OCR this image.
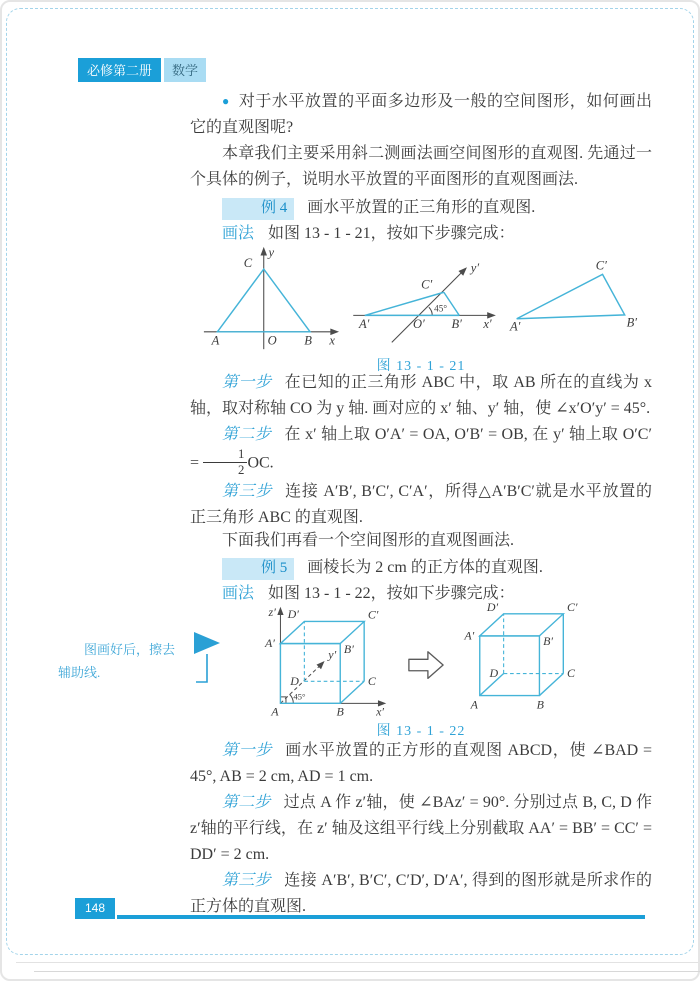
必修第二册	数学

● 对于水平放置的平面多边形及一般的空间图形，如何画出它的直观图呢?

本章我们主要采用斜二测画法画空间图形的直观图. 先通过一个具体的例子，说明水平放置的平面图形的直观图画法.

例 4 画水平放置的正三角形的直观图.

画法 如图 13 - 1 - 21，按如下步骤完成：

y
C
A	O B x
45°
A′	O′ B′ x′
y′
C′
A′	B′
C′
图 13 - 1 - 21

第一步 在已知的正三角形 ABC 中，取 AB 所在的直线为 x 轴，取对称轴 CO 为 y 轴. 画对应的 x′ 轴、y′ 轴，使 ∠x′O′y′ = 45°.

第二步 在 x′ 轴上取 O′A′ = OA, O′B′ = OB, 在 y′ 轴上取 $O'C' = \frac{1}{2}$ OC.

第三步 连接 A′B′, B′C′, C′A′，所得△A′B′C′就是水平放置的正三角形 ABC 的直观图.

下面我们再看一个空间图形的直观图画法.

例 5 画棱长为 2 cm 的正方体的直观图.

画法 如图 13 - 1 - 22，按如下步骤完成：

z′ D′	C′
A′	B′
y′
D	C
45°
A	B x′
D′	C′
A′	B′
D	C
A	B
图 13 - 1 - 22
图画好后，擦去
辅助线.

第一步 画水平放置的正方形的直观图 ABCD，使 ∠BAD = 45°, AB = 2 cm, AD = 1 cm.

第二步 过点 A 作 z′轴，使 ∠BAz′ = 90°. 分别过点 B, C, D 作 z′轴的平行线，在 z′ 轴及这组平行线上分别截取 AA′ = BB′ = CC′ = DD′ = 2 cm.

第三步 连接 A′B′, B′C′, C′D′, D′A′, 得到的图形就是所求作的正方体的直观图.

148
